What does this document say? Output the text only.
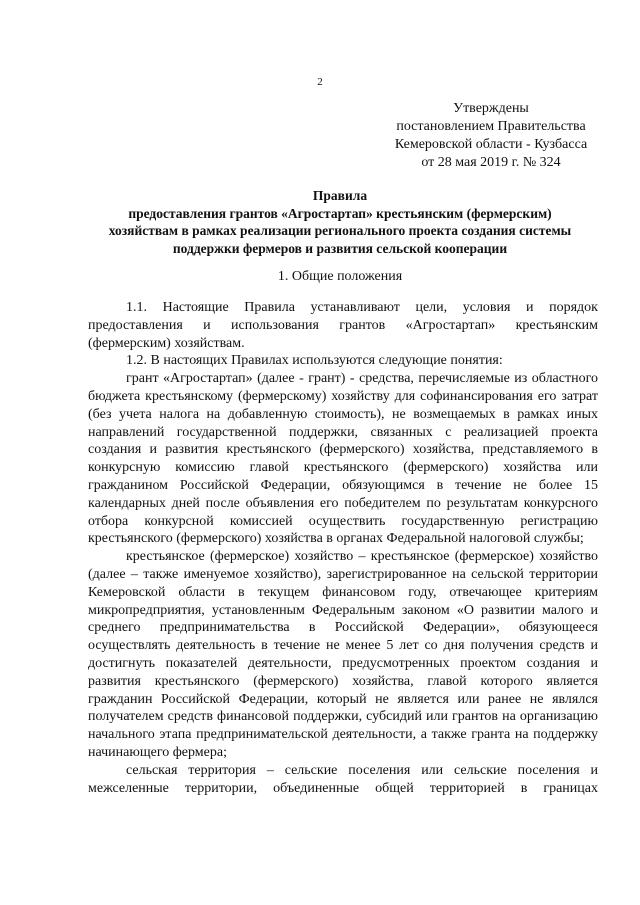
2
Утверждены
постановлением Правительства
Кемеровской области - Кузбасса
от 28 мая 2019 г. № 324
Правила
предоставления грантов «Агростартап» крестьянским (фермерским)
хозяйствам в рамках реализации регионального проекта создания системы
поддержки фермеров и развития сельской кооперации
1. Общие положения

1.1. Настоящие Правила устанавливают цели, условия и порядок предоставления и использования грантов «Агростартап» крестьянским (фермерским) хозяйствам.

1.2. В настоящих Правилах используются следующие понятия:

грант «Агростартап» (далее - грант) - средства, перечисляемые из областного бюджета крестьянскому (фермерскому) хозяйству для софинансирования его затрат (без учета налога на добавленную стоимость), не возмещаемых в рамках иных направлений государственной поддержки, связанных с реализацией проекта создания и развития крестьянского (фермерского) хозяйства, представляемого в конкурсную комиссию главой крестьянского (фермерского) хозяйства или гражданином Российской Федерации, обязующимся в течение не более 15 календарных дней после объявления его победителем по результатам конкурсного отбора конкурсной комиссией осуществить государственную регистрацию крестьянского (фермерского) хозяйства в органах Федеральной налоговой службы;

крестьянское (фермерское) хозяйство – крестьянское (фермерское) хозяйство (далее – также именуемое хозяйство), зарегистрированное на сельской территории Кемеровской области в текущем финансовом году, отвечающее критериям микропредприятия, установленным Федеральным законом «О развитии малого и среднего предпринимательства в Российской Федерации», обязующееся осуществлять деятельность в течение не менее 5 лет со дня получения средств и достигнуть показателей деятельности, предусмотренных проектом создания и развития крестьянского (фермерского) хозяйства, главой которого является гражданин Российской Федерации, который не является или ранее не являлся получателем средств финансовой поддержки, субсидий или грантов на организацию начального этапа предпринимательской деятельности, а также гранта на поддержку начинающего фермера;

сельская территория – сельские поселения или сельские поселения и межселенные территории, объединенные общей территорией в границах
